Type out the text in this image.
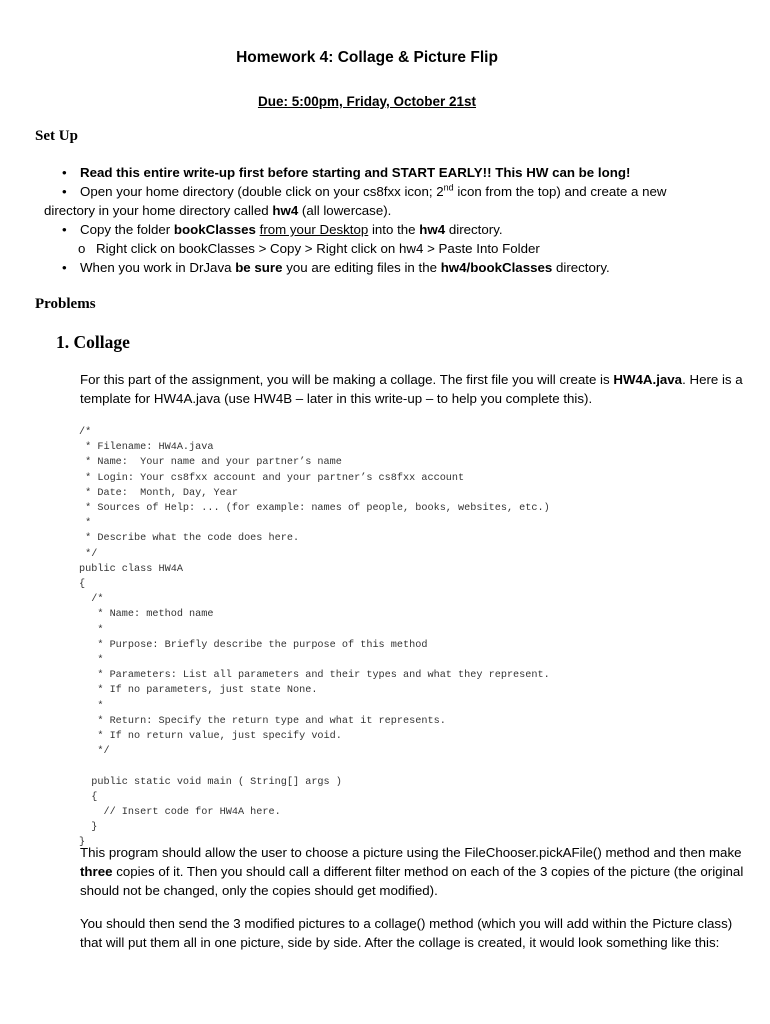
Homework 4: Collage & Picture Flip
Due: 5:00pm, Friday, October 21st
Set Up
• Read this entire write-up first before starting and START EARLY!! This HW can be long!
• Open your home directory (double click on your cs8fxx icon; 2nd icon from the top) and create a new
directory in your home directory called hw4 (all lowercase).
• Copy the folder bookClasses from your Desktop into the hw4 directory.
o Right click on bookClasses > Copy > Right click on hw4 > Paste Into Folder
• When you work in DrJava be sure you are editing files in the hw4/bookClasses directory.
Problems
1. Collage

For this part of the assignment, you will be making a collage. The first file you will create is HW4A.java. Here is a template for HW4A.java (use HW4B – later in this write-up – to help you complete this).

/*
* Filename: HW4A.java
* Name:  Your name and your partner’s name
* Login: Your cs8fxx account and your partner’s cs8fxx account
* Date:  Month, Day, Year
* Sources of Help: ... (for example: names of people, books, websites, etc.)
*
* Describe what the code does here.
*/
public class HW4A
{
/*
* Name: method name
*
* Purpose: Briefly describe the purpose of this method
*
* Parameters: List all parameters and their types and what they represent.
* If no parameters, just state None.
*
* Return: Specify the return type and what it represents.
* If no return value, just specify void.
*/

public static void main ( String[] args )
{
// Insert code for HW4A here.
}
}

This program should allow the user to choose a picture using the FileChooser.pickAFile() method and then make three copies of it. Then you should call a different filter method on each of the 3 copies of the picture (the original should not be changed, only the copies should get modified).

You should then send the 3 modified pictures to a collage() method (which you will add within the Picture class) that will put them all in one picture, side by side. After the collage is created, it would look something like this:
